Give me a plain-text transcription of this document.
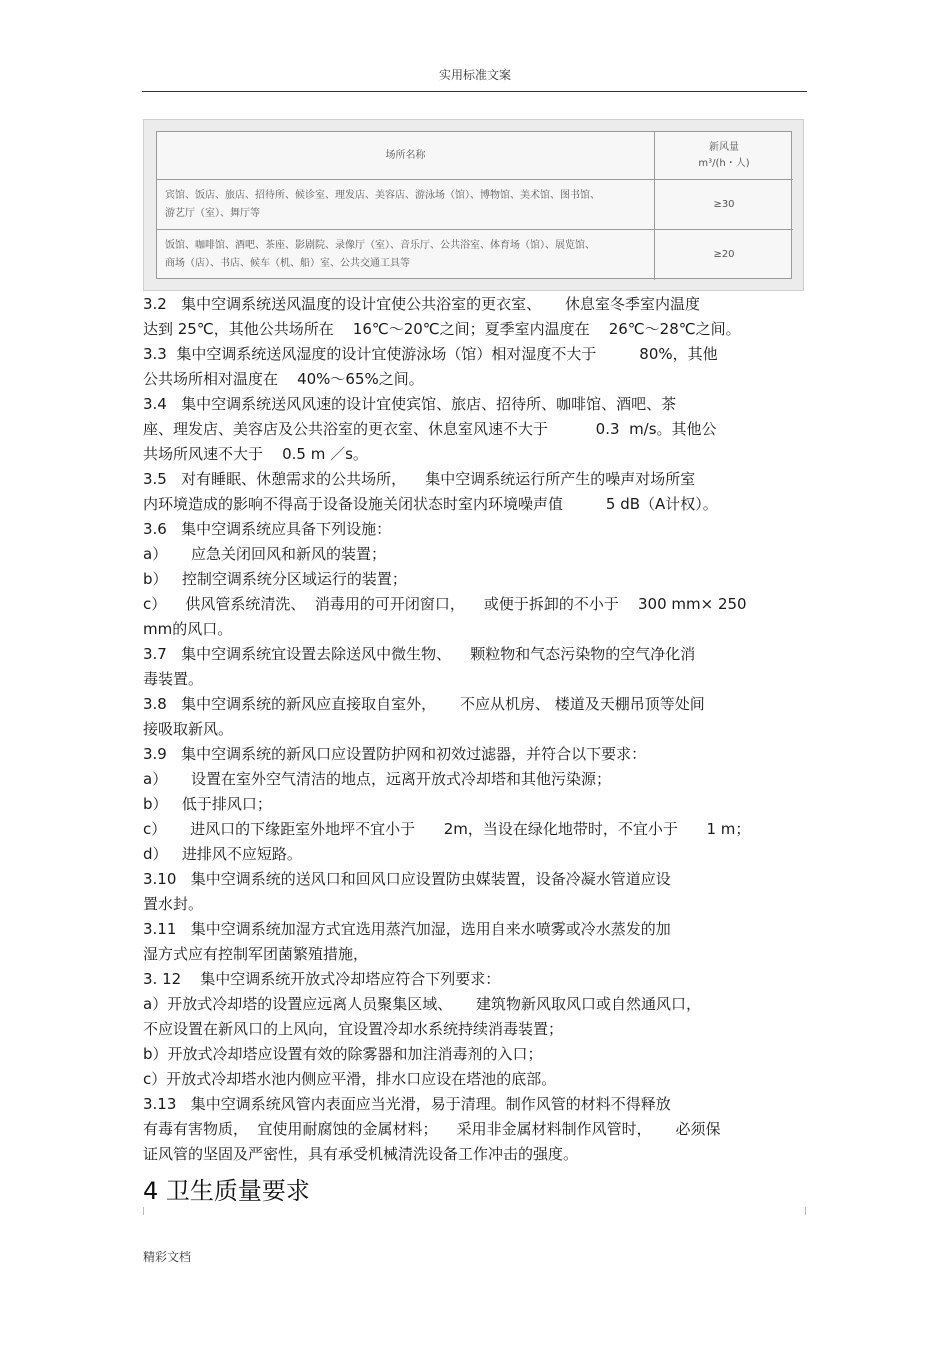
实用标准文案
场所名称
新风量
m³/(h・人)
宾馆、饭店、旅店、招待所、候诊室、理发店、美容店、游泳场（馆）、博物馆、美术馆、图书馆、
游艺厅（室）、舞厅等
≥30
饭馆、咖啡馆、酒吧、茶座、影剧院、录像厅（室）、音乐厅、公共浴室、体育场（馆）、展览馆、
商场（店）、书店、候车（机、船）室、公共交通工具等
≥20
3.2   集中空调系统送风温度的设计宜使公共浴室的更衣室、     休息室冬季室内温度
达到 25℃，其他公共场所在    16℃～20℃之间；夏季室内温度在    26℃～28℃之间。
3.3  集中空调系统送风湿度的设计宜使游泳场（馆）相对湿度不大于         80%，其他
公共场所相对温度在    40%～65%之间。
3.4   集中空调系统送风风速的设计宜使宾馆、旅店、招待所、咖啡馆、酒吧、茶
座、理发店、美容店及公共浴室的更衣室、休息室风速不大于          0.3  m/s。其他公
共场所风速不大于    0.5 m ／s。
3.5   对有睡眠、休憩需求的公共场所，    集中空调系统运行所产生的噪声对场所室
内环境造成的影响不得高于设备设施关闭状态时室内环境噪声值         5 dB（A计权）。
3.6   集中空调系统应具备下列设施：
a）     应急关闭回风和新风的装置；
b）   控制空调系统分区域运行的装置；
c）    供风管系统清洗、  消毒用的可开闭窗口，    或便于拆卸的不小于    300 mm× 250
mm的风口。
3.7   集中空调系统宜设置去除送风中微生物、    颗粒物和气态污染物的空气净化消
毒装置。
3.8   集中空调系统的新风应直接取自室外，     不应从机房、 楼道及天棚吊顶等处间
接吸取新风。
3.9   集中空调系统的新风口应设置防护网和初效过滤器，并符合以下要求：
a）     设置在室外空气清洁的地点，远离开放式冷却塔和其他污染源；
b）   低于排风口；
c）     进风口的下缘距室外地坪不宜小于      2m，当设在绿化地带时，不宜小于      1 m；
d）   进排风不应短路。
3.10   集中空调系统的送风口和回风口应设置防虫媒装置，设备冷凝水管道应设
置水封。
3.11   集中空调系统加湿方式宜选用蒸汽加湿，选用自来水喷雾或冷水蒸发的加
湿方式应有控制军团菌繁殖措施，
3. 12    集中空调系统开放式冷却塔应符合下列要求：
a）开放式冷却塔的设置应远离人员聚集区域、     建筑物新风取风口或自然通风口，
不应设置在新风口的上风向，宜设置冷却水系统持续消毒装置；
b）开放式冷却塔应设置有效的除雾器和加注消毒剂的入口；
c）开放式冷却塔水池内侧应平滑，排水口应设在塔池的底部。
3.13   集中空调系统风管内表面应当光滑，易于清理。制作风管的材料不得释放
有毒有害物质，  宜使用耐腐蚀的金属材料；    采用非金属材料制作风管时，     必须保
证风管的坚固及严密性，具有承受机械清洗设备工作冲击的强度。
4 卫生质量要求
精彩文档
